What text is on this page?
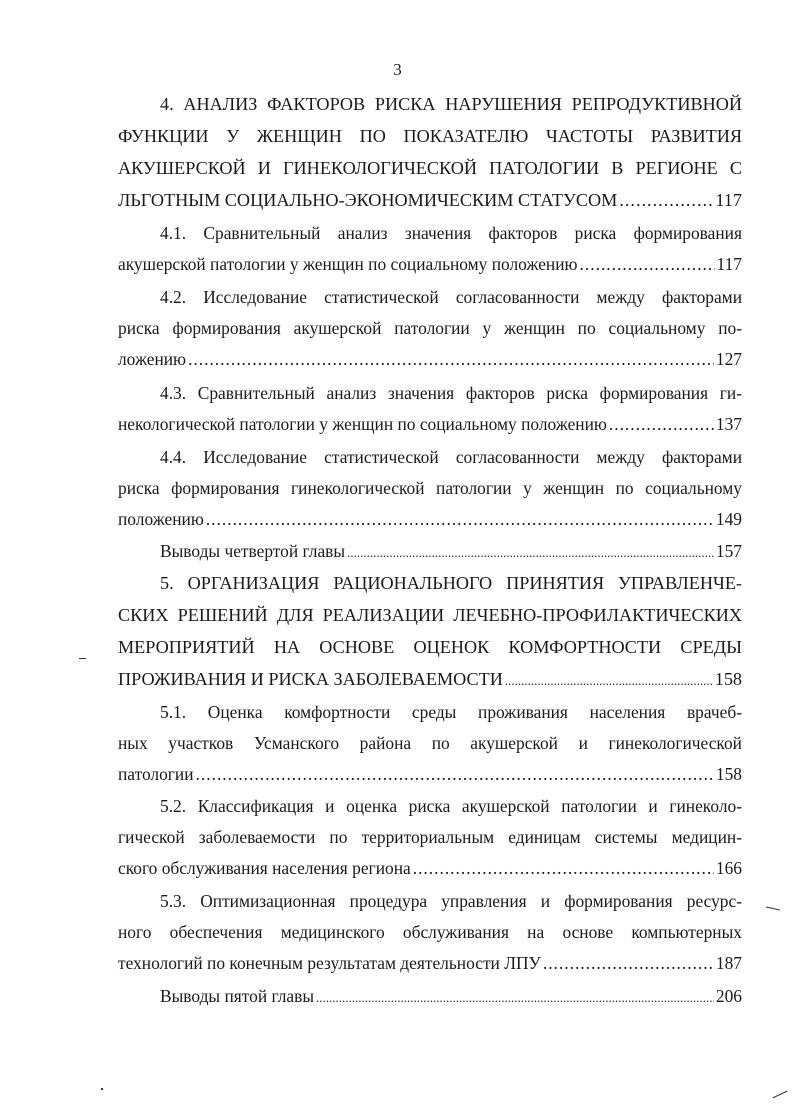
3
4. АНАЛИЗ ФАКТОРОВ РИСКА НАРУШЕНИЯ РЕПРОДУКТИВНОЙ
ФУНКЦИИ У ЖЕНЩИН ПО ПОКАЗАТЕЛЮ ЧАСТОТЫ РАЗВИТИЯ
АКУШЕРСКОЙ И ГИНЕКОЛОГИЧЕСКОЙ ПАТОЛОГИИ В РЕГИОНЕ С
ЛЬГОТНЫМ СОЦИАЛЬНО-ЭКОНОМИЧЕСКИМ СТАТУСОМ .....	117
4.1. Сравнительный анализ значения факторов риска формирования
акушерской патологии у женщин по социальному положению .....	117
4.2. Исследование статистической согласованности между факторами
риска формирования акушерской патологии у женщин по социальному по-
ложению .....	127
4.3. Сравнительный анализ значения факторов риска формирования ги-
некологической патологии у женщин по социальному положению .....	137
4.4. Исследование статистической согласованности между факторами
риска формирования гинекологической патологии у женщин по социальному
положению .....	149
Выводы четвертой главы .....	157
5. ОРГАНИЗАЦИЯ РАЦИОНАЛЬНОГО ПРИНЯТИЯ УПРАВЛЕНЧЕ-
СКИХ РЕШЕНИЙ ДЛЯ РЕАЛИЗАЦИИ ЛЕЧЕБНО-ПРОФИЛАКТИЧЕСКИХ
МЕРОПРИЯТИЙ НА ОСНОВЕ ОЦЕНОК КОМФОРТНОСТИ СРЕДЫ
ПРОЖИВАНИЯ И РИСКА ЗАБОЛЕВАЕМОСТИ .....	158
5.1. Оценка комфортности среды проживания населения врачеб-
ных участков Усманского района по акушерской и гинекологической
патологии .....	158
5.2. Классификация и оценка риска акушерской патологии и гинеколо-
гической заболеваемости по территориальным единицам системы медицин-
ского обслуживания населения региона .....	166
5.3. Оптимизационная процедура управления и формирования ресурс-
ного обеспечения медицинского обслуживания на основе компьютерных
технологий по конечным результатам деятельности ЛПУ .....	187
Выводы пятой главы .....	206
